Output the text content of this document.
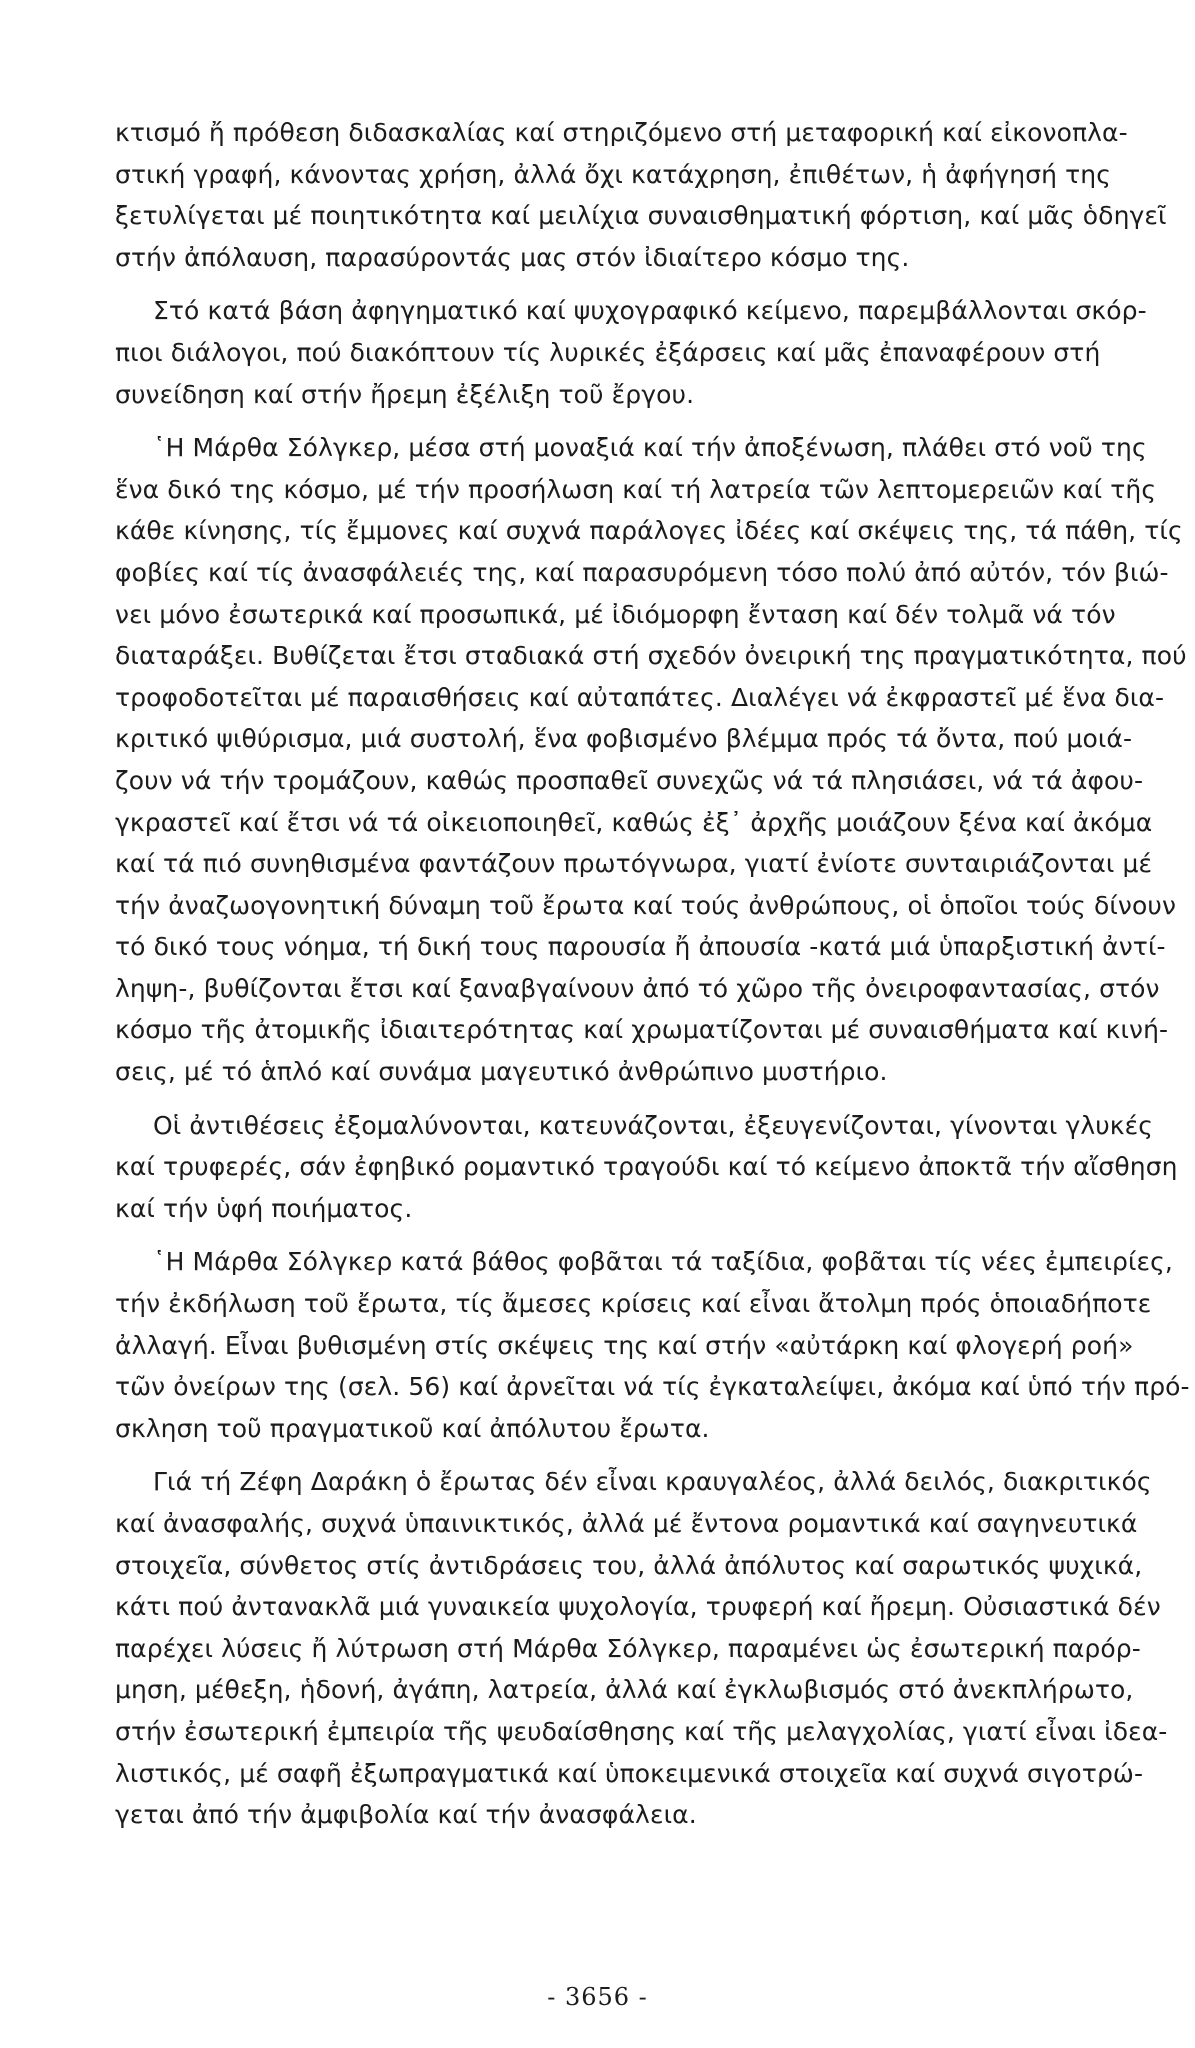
κτισμό ἤ πρόθεση διδασκαλίας καί στηριζόμενο στή μεταφορική καί εἰκονοπλα-
στική γραφή, κάνοντας χρήση, ἀλλά ὄχι κατάχρηση, ἐπιθέτων, ἡ ἀφήγησή της
ξετυλίγεται μέ ποιητικότητα καί μειλίχια συναισθηματική φόρτιση, καί μᾶς ὁδηγεῖ
στήν ἀπόλαυση, παρασύροντάς μας στόν ἰδιαίτερο κόσμο της.
Στό κατά βάση ἀφηγηματικό καί ψυχογραφικό κείμενο, παρεμβάλλονται σκόρ-
πιοι διάλογοι, πού διακόπτουν τίς λυρικές ἐξάρσεις καί μᾶς ἐπαναφέρουν στή
συνείδηση καί στήν ἤρεμη ἐξέλιξη τοῦ ἔργου.
῾Η Μάρθα Σόλγκερ, μέσα στή μοναξιά καί τήν ἀποξένωση, πλάθει στό νοῦ της
ἕνα δικό της κόσμο, μέ τήν προσήλωση καί τή λατρεία τῶν λεπτομερειῶν καί τῆς
κάθε κίνησης, τίς ἔμμονες καί συχνά παράλογες ἰδέες καί σκέψεις της, τά πάθη, τίς
φοβίες καί τίς ἀνασφάλειές της, καί παρασυρόμενη τόσο πολύ ἀπό αὐτόν, τόν βιώ-
νει μόνο ἐσωτερικά καί προσωπικά, μέ ἰδιόμορφη ἔνταση καί δέν τολμᾶ νά τόν
διαταράξει. Βυθίζεται ἔτσι σταδιακά στή σχεδόν ὀνειρική της πραγματικότητα, πού
τροφοδοτεῖται μέ παραισθήσεις καί αὐταπάτες. Διαλέγει νά ἐκφραστεῖ μέ ἕνα δια-
κριτικό ψιθύρισμα, μιά συστολή, ἕνα φοβισμένο βλέμμα πρός τά ὄντα, πού μοιά-
ζουν νά τήν τρομάζουν, καθώς προσπαθεῖ συνεχῶς νά τά πλησιάσει, νά τά ἀφου-
γκραστεῖ καί ἔτσι νά τά οἰκειοποιηθεῖ, καθώς ἐξ᾿ ἀρχῆς μοιάζουν ξένα καί ἀκόμα
καί τά πιό συνηθισμένα φαντάζουν πρωτόγνωρα, γιατί ἐνίοτε συνταιριάζονται μέ
τήν ἀναζωογονητική δύναμη τοῦ ἔρωτα καί τούς ἀνθρώπους, οἱ ὁποῖοι τούς δίνουν
τό δικό τους νόημα, τή δική τους παρουσία ἤ ἀπουσία -κατά μιά ὑπαρξιστική ἀντί-
ληψη-, βυθίζονται ἔτσι καί ξαναβγαίνουν ἀπό τό χῶρο τῆς ὀνειροφαντασίας, στόν
κόσμο τῆς ἀτομικῆς ἰδιαιτερότητας καί χρωματίζονται μέ συναισθήματα καί κινή-
σεις, μέ τό ἁπλό καί συνάμα μαγευτικό ἀνθρώπινο μυστήριο.
Οἱ ἀντιθέσεις ἐξομαλύνονται, κατευνάζονται, ἐξευγενίζονται, γίνονται γλυκές
καί τρυφερές, σάν ἐφηβικό ρομαντικό τραγούδι καί τό κείμενο ἀποκτᾶ τήν αἴσθηση
καί τήν ὑφή ποιήματος.
῾Η Μάρθα Σόλγκερ κατά βάθος φοβᾶται τά ταξίδια, φοβᾶται τίς νέες ἐμπειρίες,
τήν ἐκδήλωση τοῦ ἔρωτα, τίς ἄμεσες κρίσεις καί εἶναι ἄτολμη πρός ὁποιαδήποτε
ἀλλαγή. Εἶναι βυθισμένη στίς σκέψεις της καί στήν «αὐτάρκη καί φλογερή ροή»
τῶν ὀνείρων της (σελ. 56) καί ἀρνεῖται νά τίς ἐγκαταλείψει, ἀκόμα καί ὑπό τήν πρό-
σκληση τοῦ πραγματικοῦ καί ἀπόλυτου ἔρωτα.
Γιά τή Ζέφη Δαράκη ὁ ἔρωτας δέν εἶναι κραυγαλέος, ἀλλά δειλός, διακριτικός
καί ἀνασφαλής, συχνά ὑπαινικτικός, ἀλλά μέ ἔντονα ρομαντικά καί σαγηνευτικά
στοιχεῖα, σύνθετος στίς ἀντιδράσεις του, ἀλλά ἀπόλυτος καί σαρωτικός ψυχικά,
κάτι πού ἀντανακλᾶ μιά γυναικεία ψυχολογία, τρυφερή καί ἤρεμη. Οὐσιαστικά δέν
παρέχει λύσεις ἤ λύτρωση στή Μάρθα Σόλγκερ, παραμένει ὡς ἐσωτερική παρόρ-
μηση, μέθεξη, ἡδονή, ἀγάπη, λατρεία, ἀλλά καί ἐγκλωβισμός στό ἀνεκπλήρωτο,
στήν ἐσωτερική ἐμπειρία τῆς ψευδαίσθησης καί τῆς μελαγχολίας, γιατί εἶναι ἰδεα-
λιστικός, μέ σαφῆ ἐξωπραγματικά καί ὑποκειμενικά στοιχεῖα καί συχνά σιγοτρώ-
γεται ἀπό τήν ἀμφιβολία καί τήν ἀνασφάλεια.
- 3656 -
